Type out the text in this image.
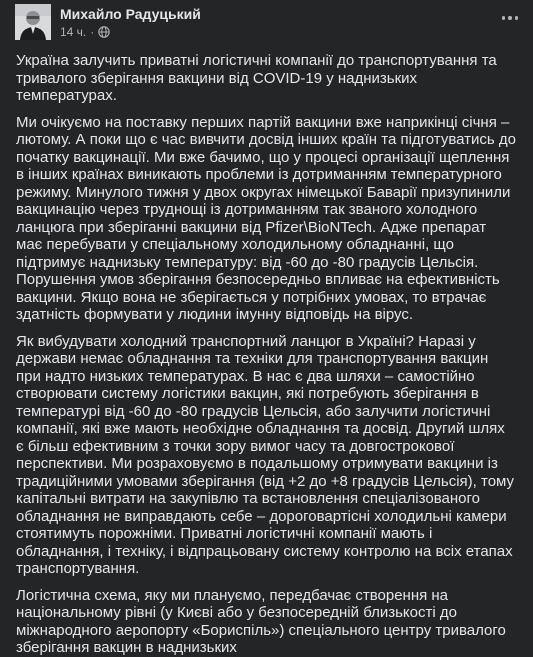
Михайло Радуцький
14 ч. ·

Україна залучить приватні логістичні компанії до транспортування та тривалого зберігання вакцини від COVID-19 у наднизьких температурах.

Ми очікуємо на поставку перших партій вакцини вже наприкінці січня – лютому. А поки що є час вивчити досвід інших країн та підготуватись до початку вакцинації. Ми вже бачимо, що у процесі організації щеплення в інших країнах виникають проблеми із дотриманням температурного режиму. Минулого тижня у двох округах німецької Баварії призупинили вакцинацію через труднощі із дотриманням так званого холодного ланцюга при зберіганні вакцини від Pfizer\BioNTech. Адже препарат має перебувати у спеціальному холодильному обладнанні, що підтримує наднизьку температуру: від -60 до -80 градусів Цельсія. Порушення умов зберігання безпосередньо впливає на ефективність вакцини. Якщо вона не зберігається у потрібних умовах, то втрачає здатність формувати у людини імунну відповідь на вірус.

Як вибудувати холодний транспортний ланцюг в Україні? Наразі у держави немає обладнання та техніки для транспортування вакцин при надто низьких температурах. В нас є два шляхи – самостійно створювати систему логістики вакцин, які потребують зберігання в температурі від -60 до -80 градусів Цельсія, або залучити логістичні компанії, які вже мають необхідне обладнання та досвід. Другий шлях є більш ефективним з точки зору вимог часу та довгострокової перспективи. Ми розраховуємо в подальшому отримувати вакцини із традиційними умовами зберігання (від +2 до +8 градусів Цельсія), тому капітальні витрати на закупівлю та встановлення спеціалізованого обладнання не виправдають себе – дороговартісні холодильні камери стоятимуть порожніми. Приватні логістичні компанії мають і обладнання, і техніку, і відпрацьовану систему контролю на всіх етапах транспортування.

Логістична схема, яку ми плануємо, передбачає створення на національному рівні (у Києві або у безпосередній близькості до міжнародного аеропорту «Бориспіль») спеціального центру тривалого зберігання вакцин в наднизьких
